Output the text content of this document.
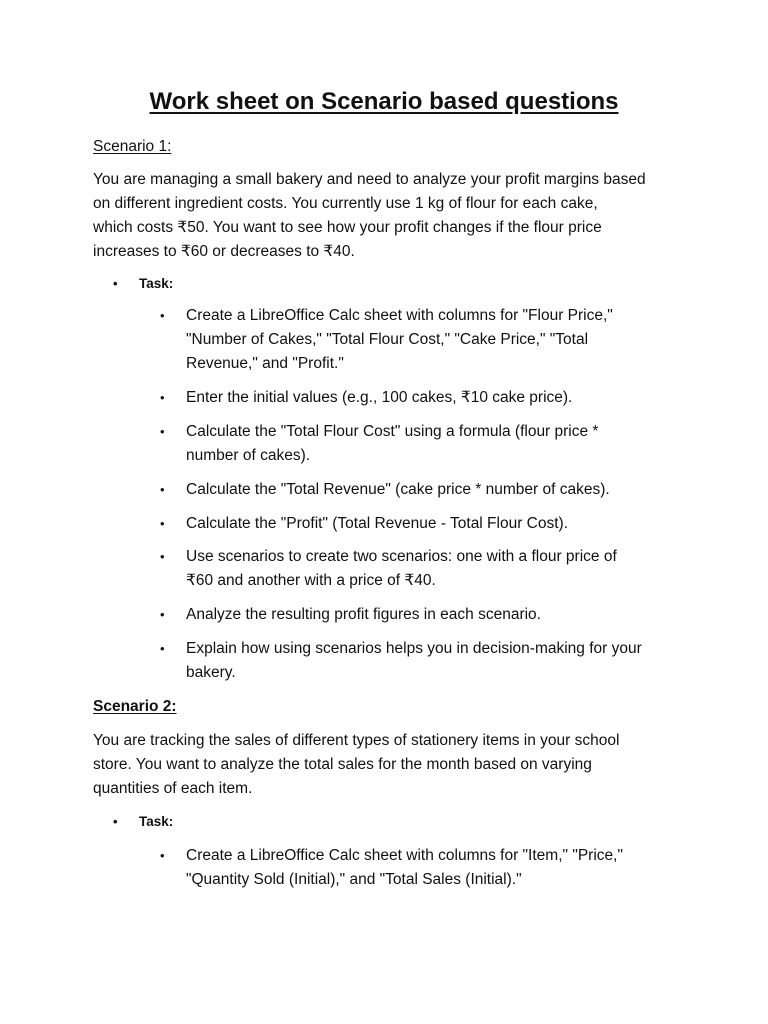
Work sheet on Scenario based questions
Scenario 1:
You are managing a small bakery and need to analyze your profit margins based
on different ingredient costs. You currently use 1 kg of flour for each cake,
which costs ₹50. You want to see how your profit changes if the flour price
increases to ₹60 or decreases to ₹40.
• Task:
•	Create a LibreOffice Calc sheet with columns for "Flour Price,"
"Number of Cakes," "Total Flour Cost," "Cake Price," "Total
Revenue," and "Profit."
•	Enter the initial values (e.g., 100 cakes, ₹10 cake price).
•	Calculate the "Total Flour Cost" using a formula (flour price *
number of cakes).
•	Calculate the "Total Revenue" (cake price * number of cakes).
•	Calculate the "Profit" (Total Revenue - Total Flour Cost).
•	Use scenarios to create two scenarios: one with a flour price of
₹60 and another with a price of ₹40.
•	Analyze the resulting profit figures in each scenario.
•	Explain how using scenarios helps you in decision-making for your
bakery.
Scenario 2:
You are tracking the sales of different types of stationery items in your school
store. You want to analyze the total sales for the month based on varying
quantities of each item.
• Task:
•	Create a LibreOffice Calc sheet with columns for "Item," "Price,"
"Quantity Sold (Initial)," and "Total Sales (Initial)."
